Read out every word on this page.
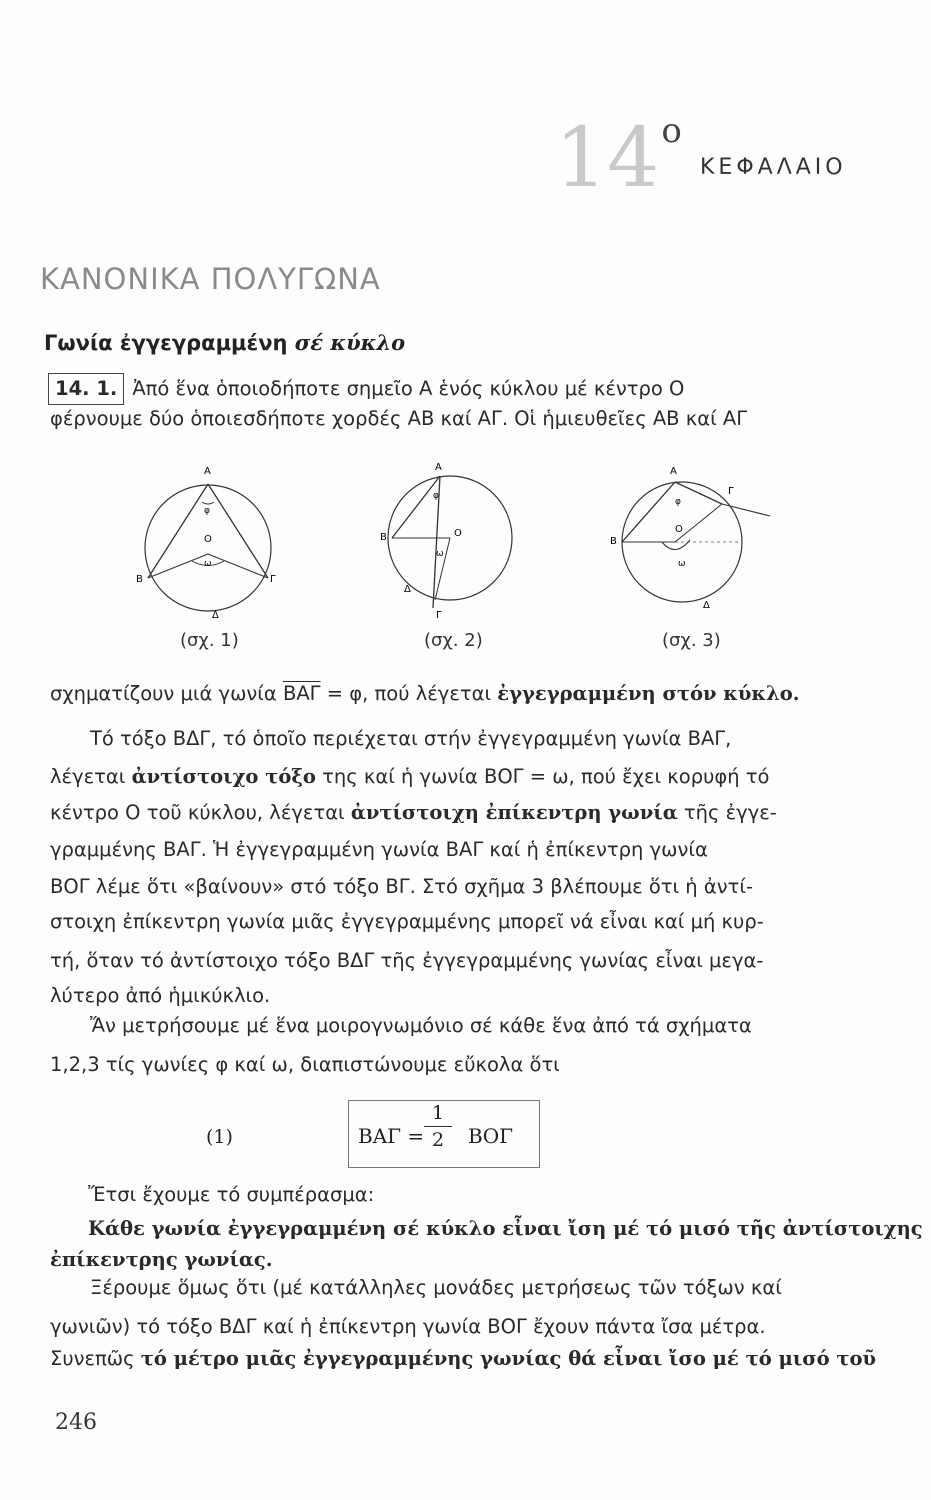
$14^o$
ΚΕΦΑΛΑΙΟ
ΚΑΝΟΝΙΚΑ ΠΟΛΥΓΩΝΑ
Γωνία ἐγγεγραμμένη σέ κύκλο
14. 1. Ἀπό ἕνα ὁποιοδήποτε σημεῖο Α ἑνός κύκλου μέ κέντρο Ο
φέρνουμε δύο ὁποιεσδήποτε χορδές ΑΒ καί ΑΓ. Οἱ ἡμιευθεῖες ΑΒ καί ΑΓ
Α
φ
Ο
ω
Β	Γ
Δ
Α
φ
Ο
ω
Β
Γ
Δ
Α
φ
Ο
ω
Β
Γ
Δ
(σχ. 1)	(σχ. 2)	(σχ. 3)
σχηματίζουν μιά γωνία $\overline{BA\Gamma} = \varphi$, πού λέγεται ἐγγεγραμμένη στόν κύκλο.
Τό τόξο ΒΔΓ, τό ὁποῖο περιέχεται στήν ἐγγεγραμμένη γωνία ΒΑΓ,
λέγεται ἀντίστοιχο τόξο της καί ἡ γωνία ΒΟΓ = ω, πού ἔχει κορυφή τό
κέντρο Ο τοῦ κύκλου, λέγεται ἀντίστοιχη ἐπίκεντρη γωνία τῆς ἐγγε-
γραμμένης ΒΑΓ. Ἡ ἐγγεγραμμένη γωνία ΒΑΓ καί ἡ ἐπίκεντρη γωνία
ΒΟΓ λέμε ὅτι «βαίνουν» στό τόξο ΒΓ. Στό σχῆμα 3 βλέπουμε ὅτι ἡ ἀντί-
στοιχη ἐπίκεντρη γωνία μιᾶς ἐγγεγραμμένης μπορεῖ νά εἶναι καί μή κυρ-
τή, ὅταν τό ἀντίστοιχο τόξο ΒΔΓ τῆς ἐγγεγραμμένης γωνίας εἶναι μεγα-
λύτερο ἀπό ἡμικύκλιο.
Ἄν μετρήσουμε μέ ἕνα μοιρογνωμόνιο σέ κάθε ἕνα ἀπό τά σχήματα
1,2,3 τίς γωνίες φ καί ω, διαπιστώνουμε εὔκολα ὅτι
(1)	ΒΑΓ =
1
2	ΒΟΓ
Ἔτσι ἔχουμε τό συμπέρασμα:
Κάθε γωνία ἐγγεγραμμένη σέ κύκλο εἶναι ἴση μέ τό μισό τῆς ἀντίστοιχης
ἐπίκεντρης γωνίας.
Ξέρουμε ὅμως ὅτι (μέ κατάλληλες μονάδες μετρήσεως τῶν τόξων καί
γωνιῶν) τό τόξο ΒΔΓ καί ἡ ἐπίκεντρη γωνία ΒΟΓ ἔχουν πάντα ἴσα μέτρα.
Συνεπῶς τό μέτρο μιᾶς ἐγγεγραμμένης γωνίας θά εἶναι ἴσο μέ τό μισό τοῦ
246
